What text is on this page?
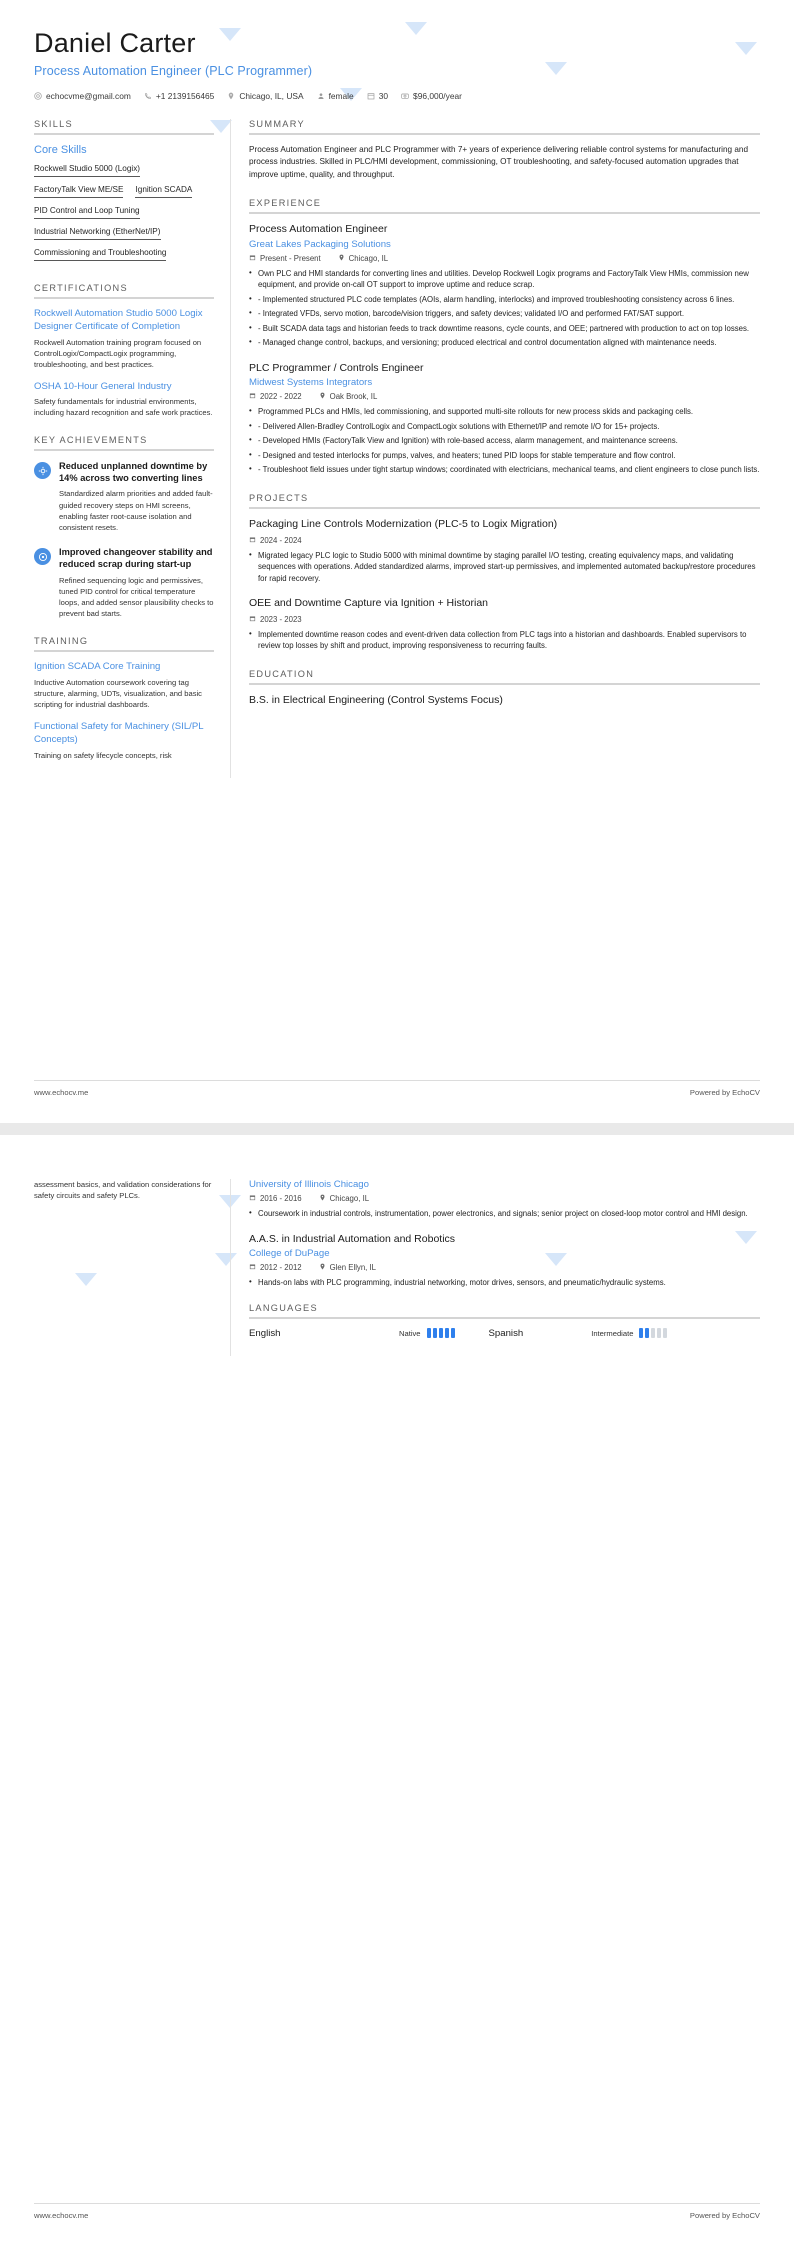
Daniel Carter
Process Automation Engineer (PLC Programmer)
echocvme@gmail.com	+1 2139156465	Chicago, IL, USA	female	30	$96,000/year
SKILLS
Core Skills
Rockwell Studio 5000 (Logix)
FactoryTalk View ME/SE Ignition SCADA
PID Control and Loop Tuning
Industrial Networking (EtherNet/IP)
Commissioning and Troubleshooting
CERTIFICATIONS
Rockwell Automation Studio 5000 Logix Designer Certificate of Completion
Rockwell Automation training program focused on ControlLogix/CompactLogix programming, troubleshooting, and best practices.
OSHA 10-Hour General Industry
Safety fundamentals for industrial environments, including hazard recognition and safe work practices.
KEY ACHIEVEMENTS
Reduced unplanned downtime by 14% across two converting lines
Standardized alarm priorities and added fault-guided recovery steps on HMI screens, enabling faster root-cause isolation and consistent resets.
Improved changeover stability and reduced scrap during start-up
Refined sequencing logic and permissives, tuned PID control for critical temperature loops, and added sensor plausibility checks to prevent bad starts.
TRAINING
Ignition SCADA Core Training
Inductive Automation coursework covering tag structure, alarming, UDTs, visualization, and basic scripting for industrial dashboards.
Functional Safety for Machinery (SIL/PL Concepts)
Training on safety lifecycle concepts, risk
SUMMARY
Process Automation Engineer and PLC Programmer with 7+ years of experience delivering reliable control systems for manufacturing and process industries. Skilled in PLC/HMI development, commissioning, OT troubleshooting, and safety-focused automation upgrades that improve uptime, quality, and throughput.
EXPERIENCE
Process Automation Engineer
Great Lakes Packaging Solutions
Present - Present	Chicago, IL
• Own PLC and HMI standards for converting lines and utilities. Develop Rockwell Logix programs and FactoryTalk View HMIs, commission new equipment, and provide on-call OT support to improve uptime and reduce scrap.
• - Implemented structured PLC code templates (AOIs, alarm handling, interlocks) and improved troubleshooting consistency across 6 lines.
• - Integrated VFDs, servo motion, barcode/vision triggers, and safety devices; validated I/O and performed FAT/SAT support.
• - Built SCADA data tags and historian feeds to track downtime reasons, cycle counts, and OEE; partnered with production to act on top losses.
• - Managed change control, backups, and versioning; produced electrical and control documentation aligned with maintenance needs.
PLC Programmer / Controls Engineer
Midwest Systems Integrators
2022 - 2022	Oak Brook, IL
• Programmed PLCs and HMIs, led commissioning, and supported multi-site rollouts for new process skids and packaging cells.
• - Delivered Allen-Bradley ControlLogix and CompactLogix solutions with Ethernet/IP and remote I/O for 15+ projects.
• - Developed HMIs (FactoryTalk View and Ignition) with role-based access, alarm management, and maintenance screens.
• - Designed and tested interlocks for pumps, valves, and heaters; tuned PID loops for stable temperature and flow control.
• - Troubleshoot field issues under tight startup windows; coordinated with electricians, mechanical teams, and client engineers to close punch lists.
PROJECTS
Packaging Line Controls Modernization (PLC-5 to Logix Migration)
2024 - 2024
• Migrated legacy PLC logic to Studio 5000 with minimal downtime by staging parallel I/O testing, creating equivalency maps, and validating sequences with operations. Added standardized alarms, improved start-up permissives, and implemented automated backup/restore procedures for rapid recovery.
OEE and Downtime Capture via Ignition + Historian
2023 - 2023
• Implemented downtime reason codes and event-driven data collection from PLC tags into a historian and dashboards. Enabled supervisors to review top losses by shift and product, improving responsiveness to recurring faults.
EDUCATION
B.S. in Electrical Engineering (Control Systems Focus)
www.echocv.me	Powered by EchoCV
assessment basics, and validation considerations for safety circuits and safety PLCs.
University of Illinois Chicago
2016 - 2016	Chicago, IL
• Coursework in industrial controls, instrumentation, power electronics, and signals; senior project on closed-loop motor control and HMI design.
A.A.S. in Industrial Automation and Robotics
College of DuPage
2012 - 2012	Glen Ellyn, IL
• Hands-on labs with PLC programming, industrial networking, motor drives, sensors, and pneumatic/hydraulic systems.
LANGUAGES
English	Native	Spanish	Intermediate
www.echocv.me	Powered by EchoCV
